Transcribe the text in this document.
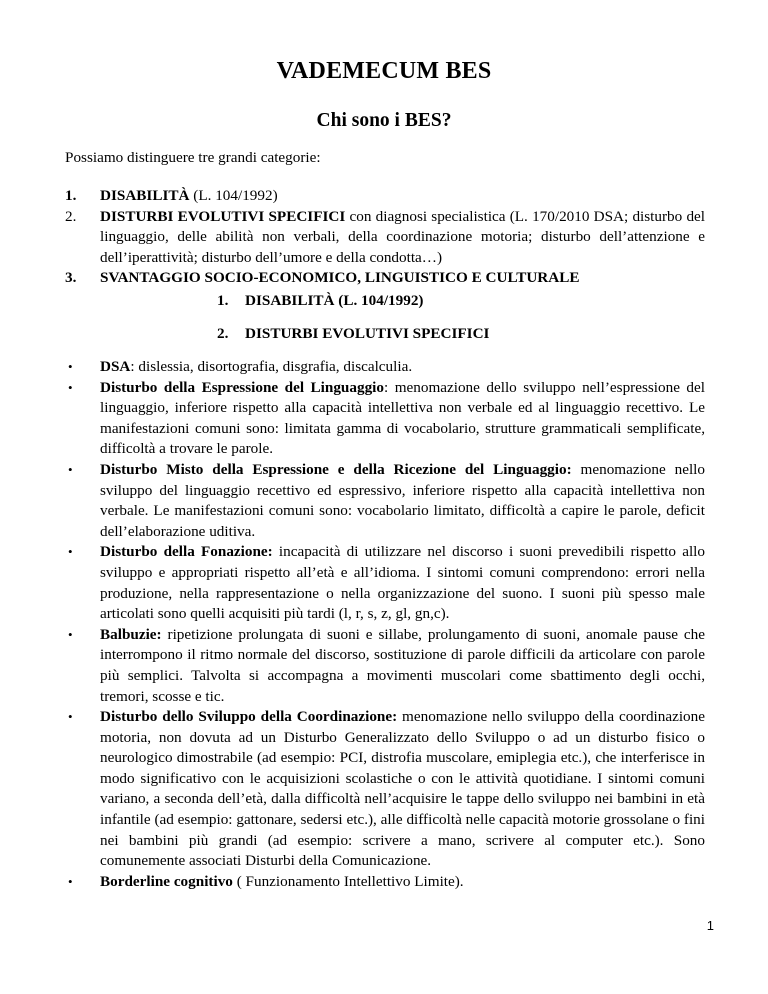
VADEMECUM BES
Chi sono i BES?
Possiamo distinguere tre grandi categorie:
1. DISABILITÀ (L. 104/1992)
2. DISTURBI EVOLUTIVI SPECIFICI con diagnosi specialistica (L. 170/2010 DSA; disturbo del linguaggio, delle abilità non verbali, della coordinazione motoria; disturbo dell’attenzione e dell’iperattività; disturbo dell’umore e della condotta…)
3. SVANTAGGIO SOCIO-ECONOMICO, LINGUISTICO E CULTURALE
1. DISABILITÀ (L. 104/1992)
2. DISTURBI EVOLUTIVI SPECIFICI
• DSA: dislessia, disortografia, disgrafia, discalculia.
• Disturbo della Espressione del Linguaggio: menomazione dello sviluppo nell’espressione del linguaggio, inferiore rispetto alla capacità intellettiva non verbale ed al linguaggio recettivo. Le manifestazioni comuni sono: limitata gamma di vocabolario, strutture grammaticali semplificate, difficoltà a trovare le parole.
• Disturbo Misto della Espressione e della Ricezione del Linguaggio: menomazione nello sviluppo del linguaggio recettivo ed espressivo, inferiore rispetto alla capacità intellettiva non verbale. Le manifestazioni comuni sono: vocabolario limitato, difficoltà a capire le parole, deficit dell’elaborazione uditiva.
• Disturbo della Fonazione: incapacità di utilizzare nel discorso i suoni prevedibili rispetto allo sviluppo e appropriati rispetto all’età e all’idioma. I sintomi comuni comprendono: errori nella produzione, nella rappresentazione o nella organizzazione del suono. I suoni più spesso male articolati sono quelli acquisiti più tardi (l, r, s, z, gl, gn,c).
• Balbuzie: ripetizione prolungata di suoni e sillabe, prolungamento di suoni, anomale pause che interrompono il ritmo normale del discorso, sostituzione di parole difficili da articolare con parole più semplici. Talvolta si accompagna a movimenti muscolari come sbattimento degli occhi, tremori, scosse e tic.
• Disturbo dello Sviluppo della Coordinazione: menomazione nello sviluppo della coordinazione motoria, non dovuta ad un Disturbo Generalizzato dello Sviluppo o ad un disturbo fisico o neurologico dimostrabile (ad esempio: PCI, distrofia muscolare, emiplegia etc.), che interferisce in modo significativo con le acquisizioni scolastiche o con le attività quotidiane. I sintomi comuni variano, a seconda dell’età, dalla difficoltà nell’acquisire le tappe dello sviluppo nei bambini in età infantile (ad esempio: gattonare, sedersi etc.), alle difficoltà nelle capacità motorie grossolane o fini nei bambini più grandi (ad esempio: scrivere a mano, scrivere al computer etc.). Sono comunemente associati Disturbi della Comunicazione.
• Borderline cognitivo ( Funzionamento Intellettivo Limite).
1
